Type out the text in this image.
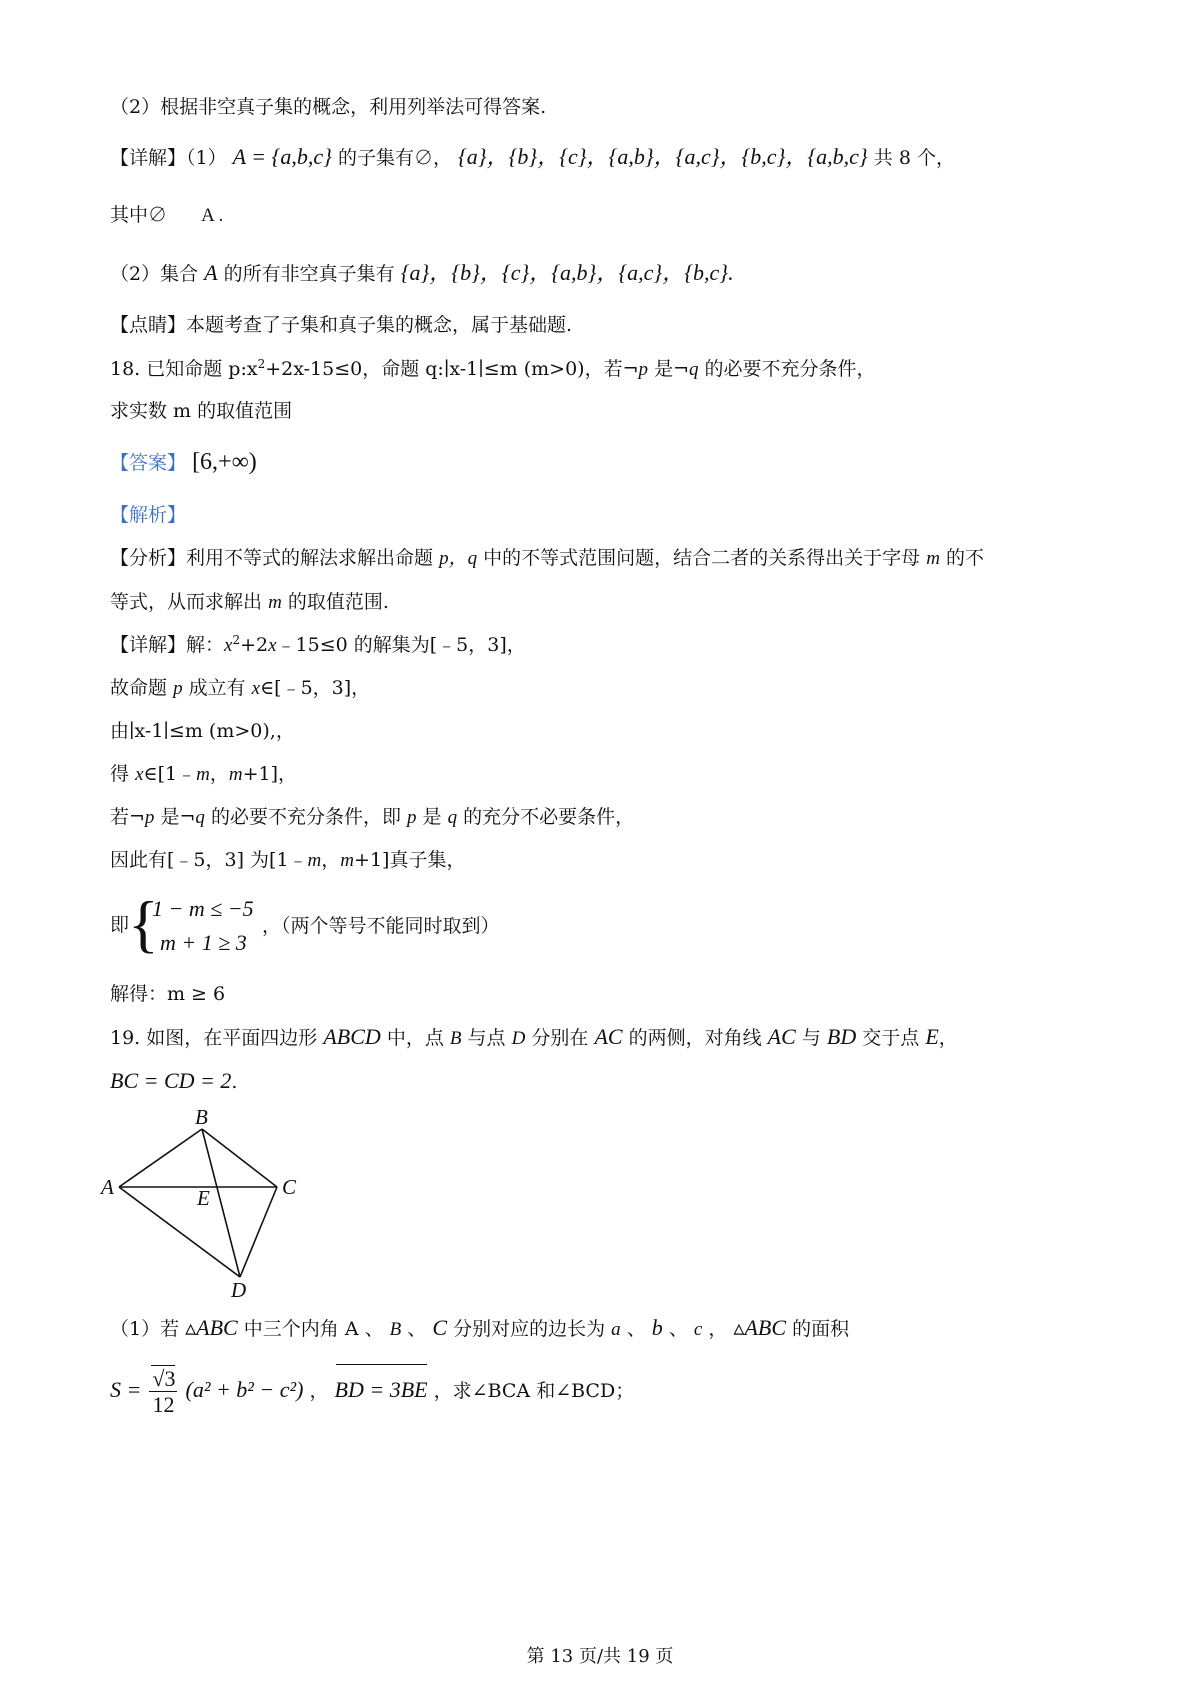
（2）根据非空真子集的概念，利用列举法可得答案.

【详解】（1） A = {a,b,c} 的子集有∅， {a}，{b}，{c}，{a,b}，{a,c}，{b,c}，{a,b,c} 共 8 个，

其中∅ A .

（2）集合 A 的所有非空真子集有 {a}，{b}，{c}，{a,b}，{a,c}，{b,c}.

【点睛】本题考查了子集和真子集的概念，属于基础题.

18. 已知命题 $p:x^2+2x-15\le 0$，命题 q:∣x-1∣≤m (m>0)，若¬p 是¬q 的必要不充分条件，

求实数 m 的取值范围

【答案】 [6,+∞)

【解析】

【分析】利用不等式的解法求解出命题 p，q 中的不等式范围问题，结合二者的关系得出关于字母 m 的不

等式，从而求解出 m 的取值范围.

【详解】解：$x^2+2x﹣15\le 0$ 的解集为[﹣5，3]，

故命题 p 成立有 x∈[﹣5，3]，

由∣x-1∣≤m (m>0),，

得 x∈[1﹣m，m+1]，

若¬p 是¬q 的必要不充分条件，即 p 是 q 的充分不必要条件，

因此有[﹣5，3] 为[1﹣m，m+1]真子集，

即

{

1 − m ≤ −5

m + 1 ≥ 3

，（两个等号不能同时取到）

解得：m ≥ 6

19. 如图，在平面四边形 ABCD 中，点 B 与点 D 分别在 AC 的两侧，对角线 AC 与 BD 交于点 E，

BC = CD = 2.

A
B
C
D
E

（1）若 ▵ABC 中三个内角 A 、 B 、 C 分别对应的边长为 a 、 b 、 c ， ▵ABC 的面积

$S = \frac{√3}{12} (a^2 + b^2 - c^2)$ ， BD = 3BE ，求∠BCA 和∠BCD；
第 13 页/共 19 页
